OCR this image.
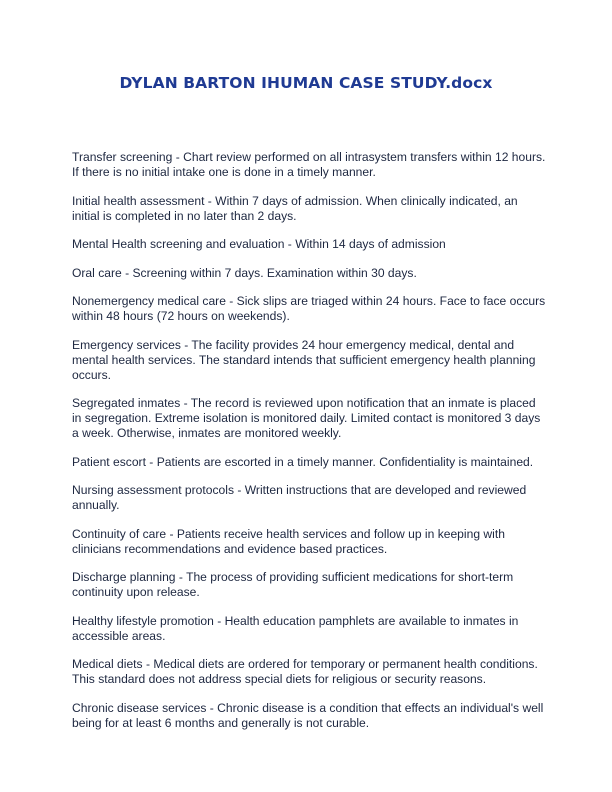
DYLAN BARTON IHUMAN CASE STUDY.docx

Transfer screening - Chart review performed on all intrasystem transfers within 12 hours. If there is no initial intake one is done in a timely manner.

Initial health assessment - Within 7 days of admission. When clinically indicated, an initial is completed in no later than 2 days.

Mental Health screening and evaluation - Within 14 days of admission

Oral care - Screening within 7 days. Examination within 30 days.

Nonemergency medical care - Sick slips are triaged within 24 hours. Face to face occurs within 48 hours (72 hours on weekends).

Emergency services - The facility provides 24 hour emergency medical, dental and mental health services. The standard intends that sufficient emergency health planning occurs.

Segregated inmates - The record is reviewed upon notification that an inmate is placed in segregation. Extreme isolation is monitored daily. Limited contact is monitored 3 days a week. Otherwise, inmates are monitored weekly.

Patient escort - Patients are escorted in a timely manner. Confidentiality is maintained.

Nursing assessment protocols - Written instructions that are developed and reviewed annually.

Continuity of care - Patients receive health services and follow up in keeping with clinicians recommendations and evidence based practices.

Discharge planning - The process of providing sufficient medications for short-term continuity upon release.

Healthy lifestyle promotion - Health education pamphlets are available to inmates in accessible areas.

Medical diets - Medical diets are ordered for temporary or permanent health conditions. This standard does not address special diets for religious or security reasons.

Chronic disease services - Chronic disease is a condition that effects an individual's well being for at least 6 months and generally is not curable.
